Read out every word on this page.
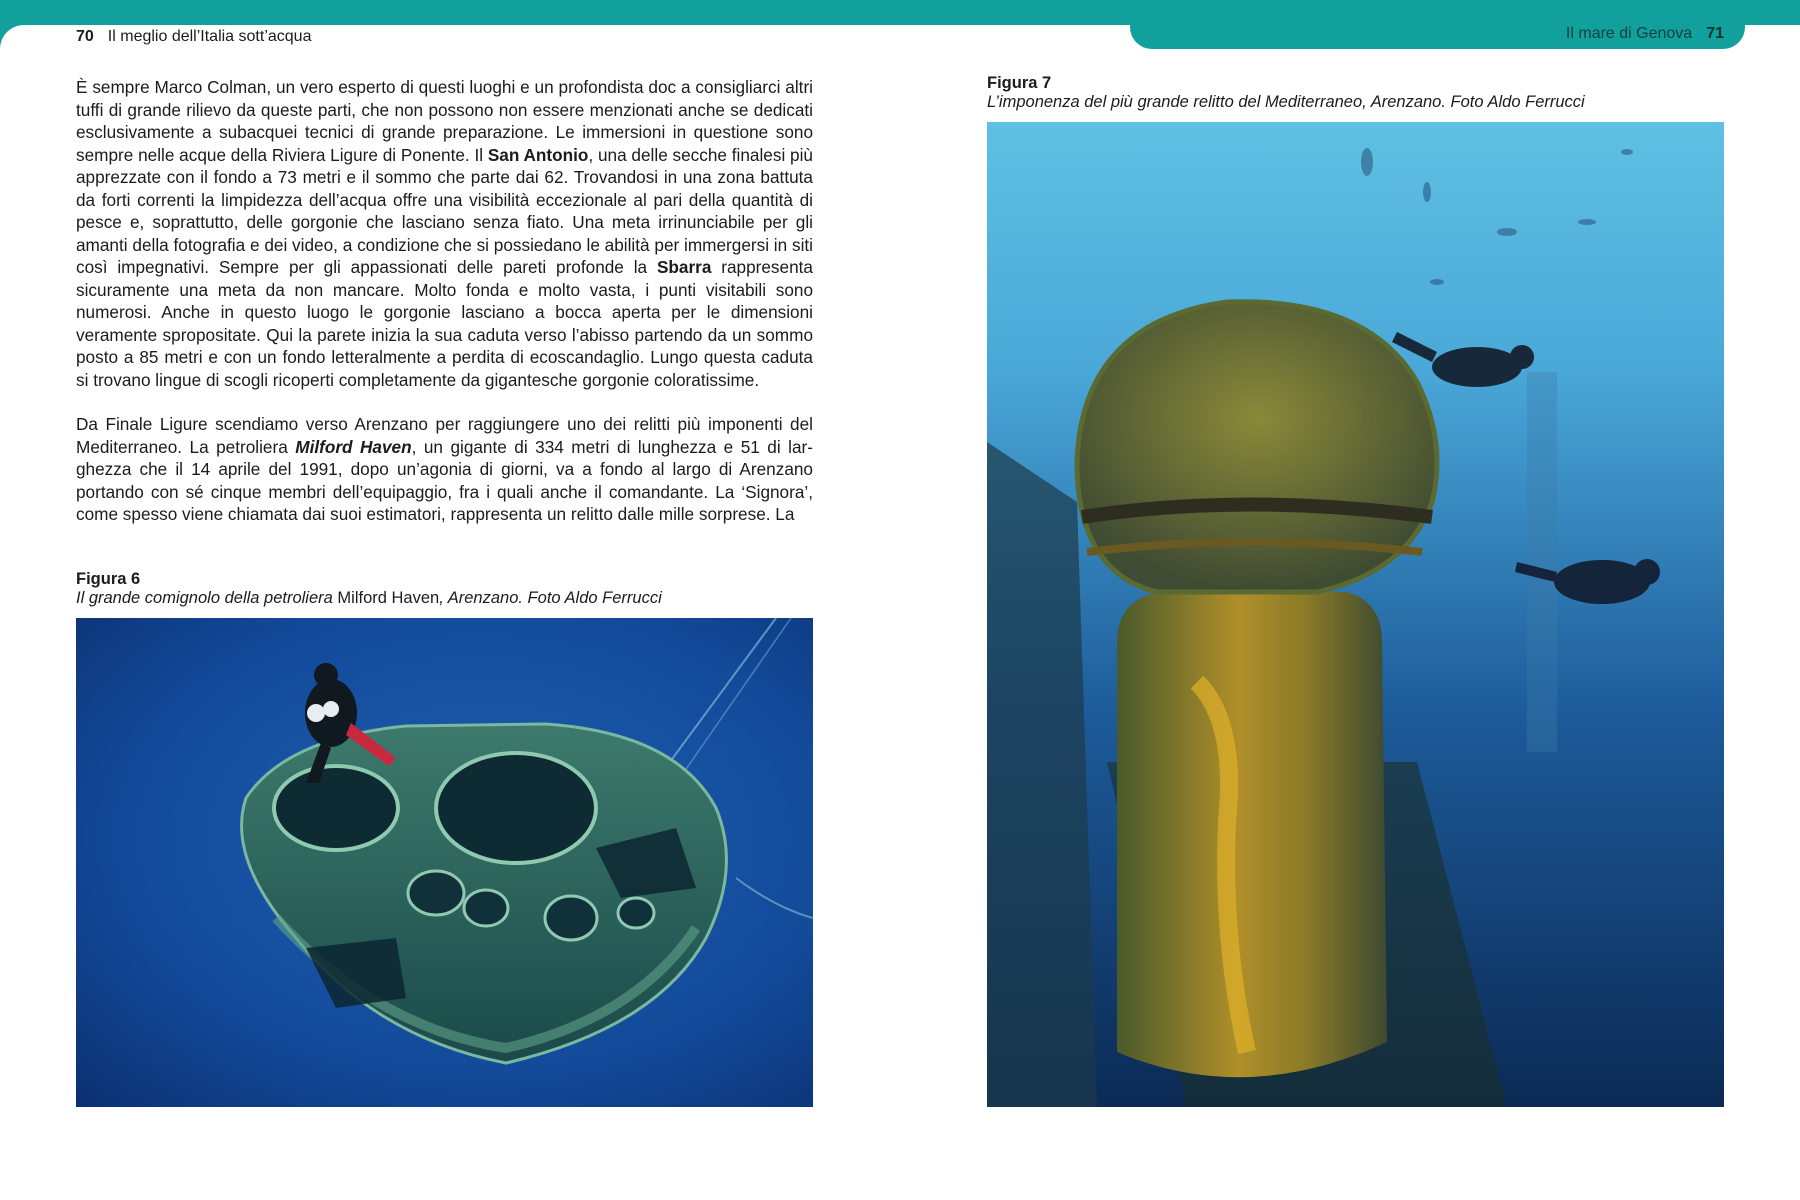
70 Il meglio dell’Italia sott’acqua	Il mare di Genova 71

È sempre Marco Colman, un vero esperto di questi luoghi e un profondista doc a consigliarci altri tuffi di grande rilievo da queste parti, che non possono non essere menzionati anche se dedicati esclusivamente a subacquei tecnici di grande preparazione. Le immersioni in questione sono sempre nelle acque della Riviera Ligure di Ponente. Il San Antonio, una delle secche finalesi più apprezzate con il fondo a 73 metri e il sommo che parte dai 62. Trovandosi in una zona battuta da forti correnti la limpidezza dell’acqua offre una visibilità eccezionale al pari della quantità di pesce e, soprattutto, delle gorgonie che lasciano senza fiato. Una meta irrinunciabile per gli amanti della fotografia e dei video, a condizione che si possiedano le abilità per immergersi in siti così impegnativi. Sempre per gli appassionati delle pareti profonde la Sbarra rappresenta sicuramente una meta da non mancare. Molto fonda e molto vasta, i punti visitabili sono numerosi. Anche in questo luogo le gorgonie lasciano a bocca aperta per le dimensioni veramente spropositate. Qui la parete inizia la sua caduta verso l’abisso partendo da un sommo posto a 85 metri e con un fondo letteralmente a perdita di ecoscandaglio. Lungo questa caduta si trovano lingue di scogli ricoperti completamente da gigantesche gorgonie coloratissime.

Da Finale Ligure scendiamo verso Arenzano per raggiungere uno dei relitti più imponenti del Mediterraneo. La petroliera Milford Haven, un gigante di 334 metri di lunghezza e 51 di larghezza che il 14 aprile del 1991, dopo un’agonia di giorni, va a fondo al largo di Arenzano portando con sé cinque membri dell’equipaggio, fra i quali anche il comandante. La ‘Signora’, come spesso viene chiamata dai suoi estimatori, rappresenta un relitto dalle mille sorprese. La

Figura 6
Il grande comignolo della petroliera Milford Haven, Arenzano. Foto Aldo Ferrucci
Figura 7
L’imponenza del più grande relitto del Mediterraneo, Arenzano. Foto Aldo Ferrucci
